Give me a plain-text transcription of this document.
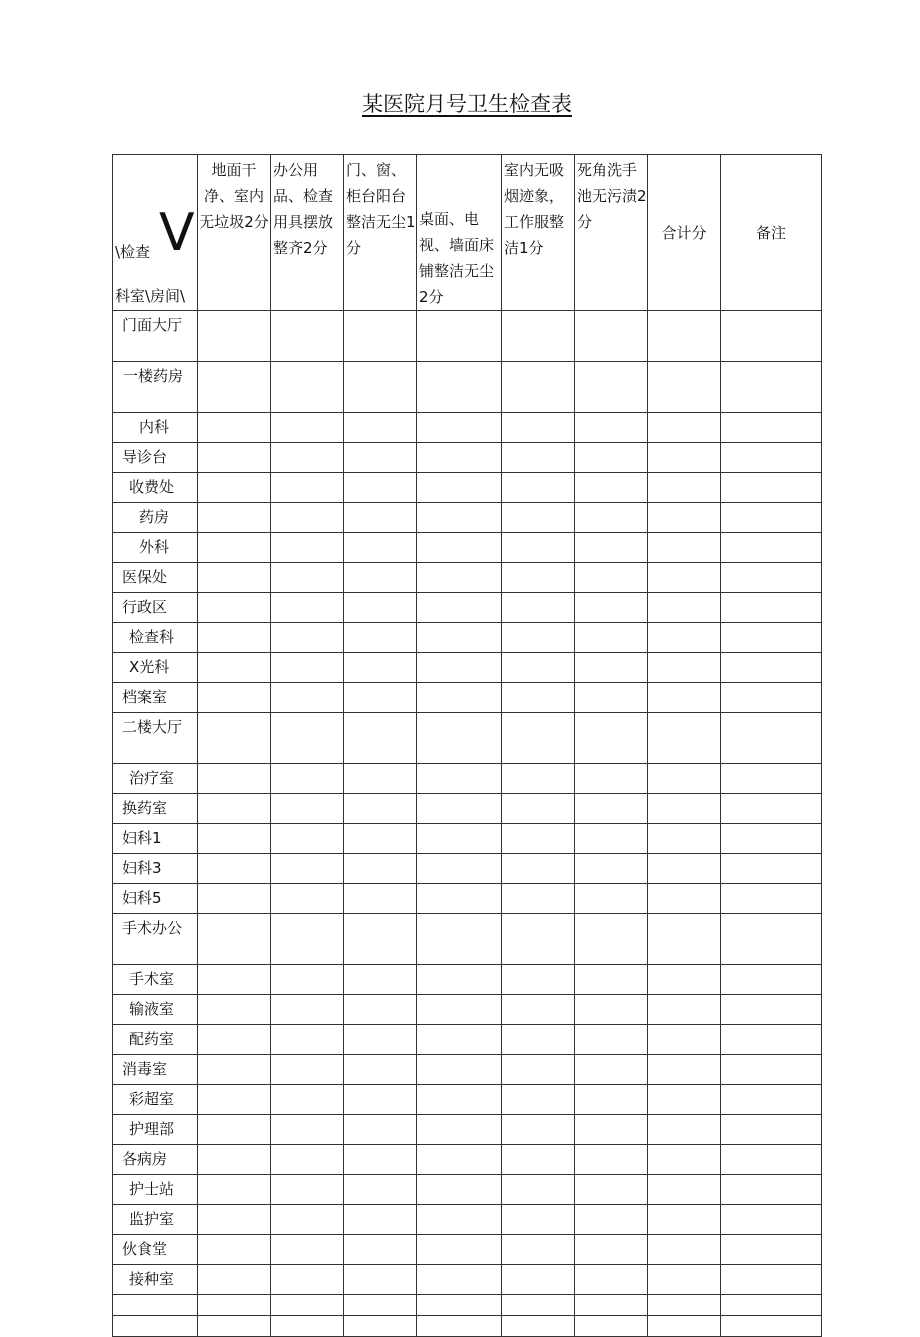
某医院月号卫生检查表
V
\检查
科室\房间\	地面干净、室内无垃圾2分	办公用品、检查用具摆放整齐2分	门、窗、柜台阳台整洁无尘1分	桌面、电视、墙面床铺整洁无尘2分	室内无吸烟迹象，工作服整洁1分	死角洗手池无污渍2分	合计分	备注
门面大厅								
一楼药房								
内科								
导诊台								
收费处								
药房								
外科								
医保处								
行政区								
检查科								
X光科								
档案室								
二楼大厅								
治疗室								
换药室								
妇科1								
妇科3								
妇科5								
手术办公								
手术室								
输液室								
配药室								
消毒室								
彩超室								
护理部								
各病房								
护士站								
监护室								
伙食堂								
接种室								
